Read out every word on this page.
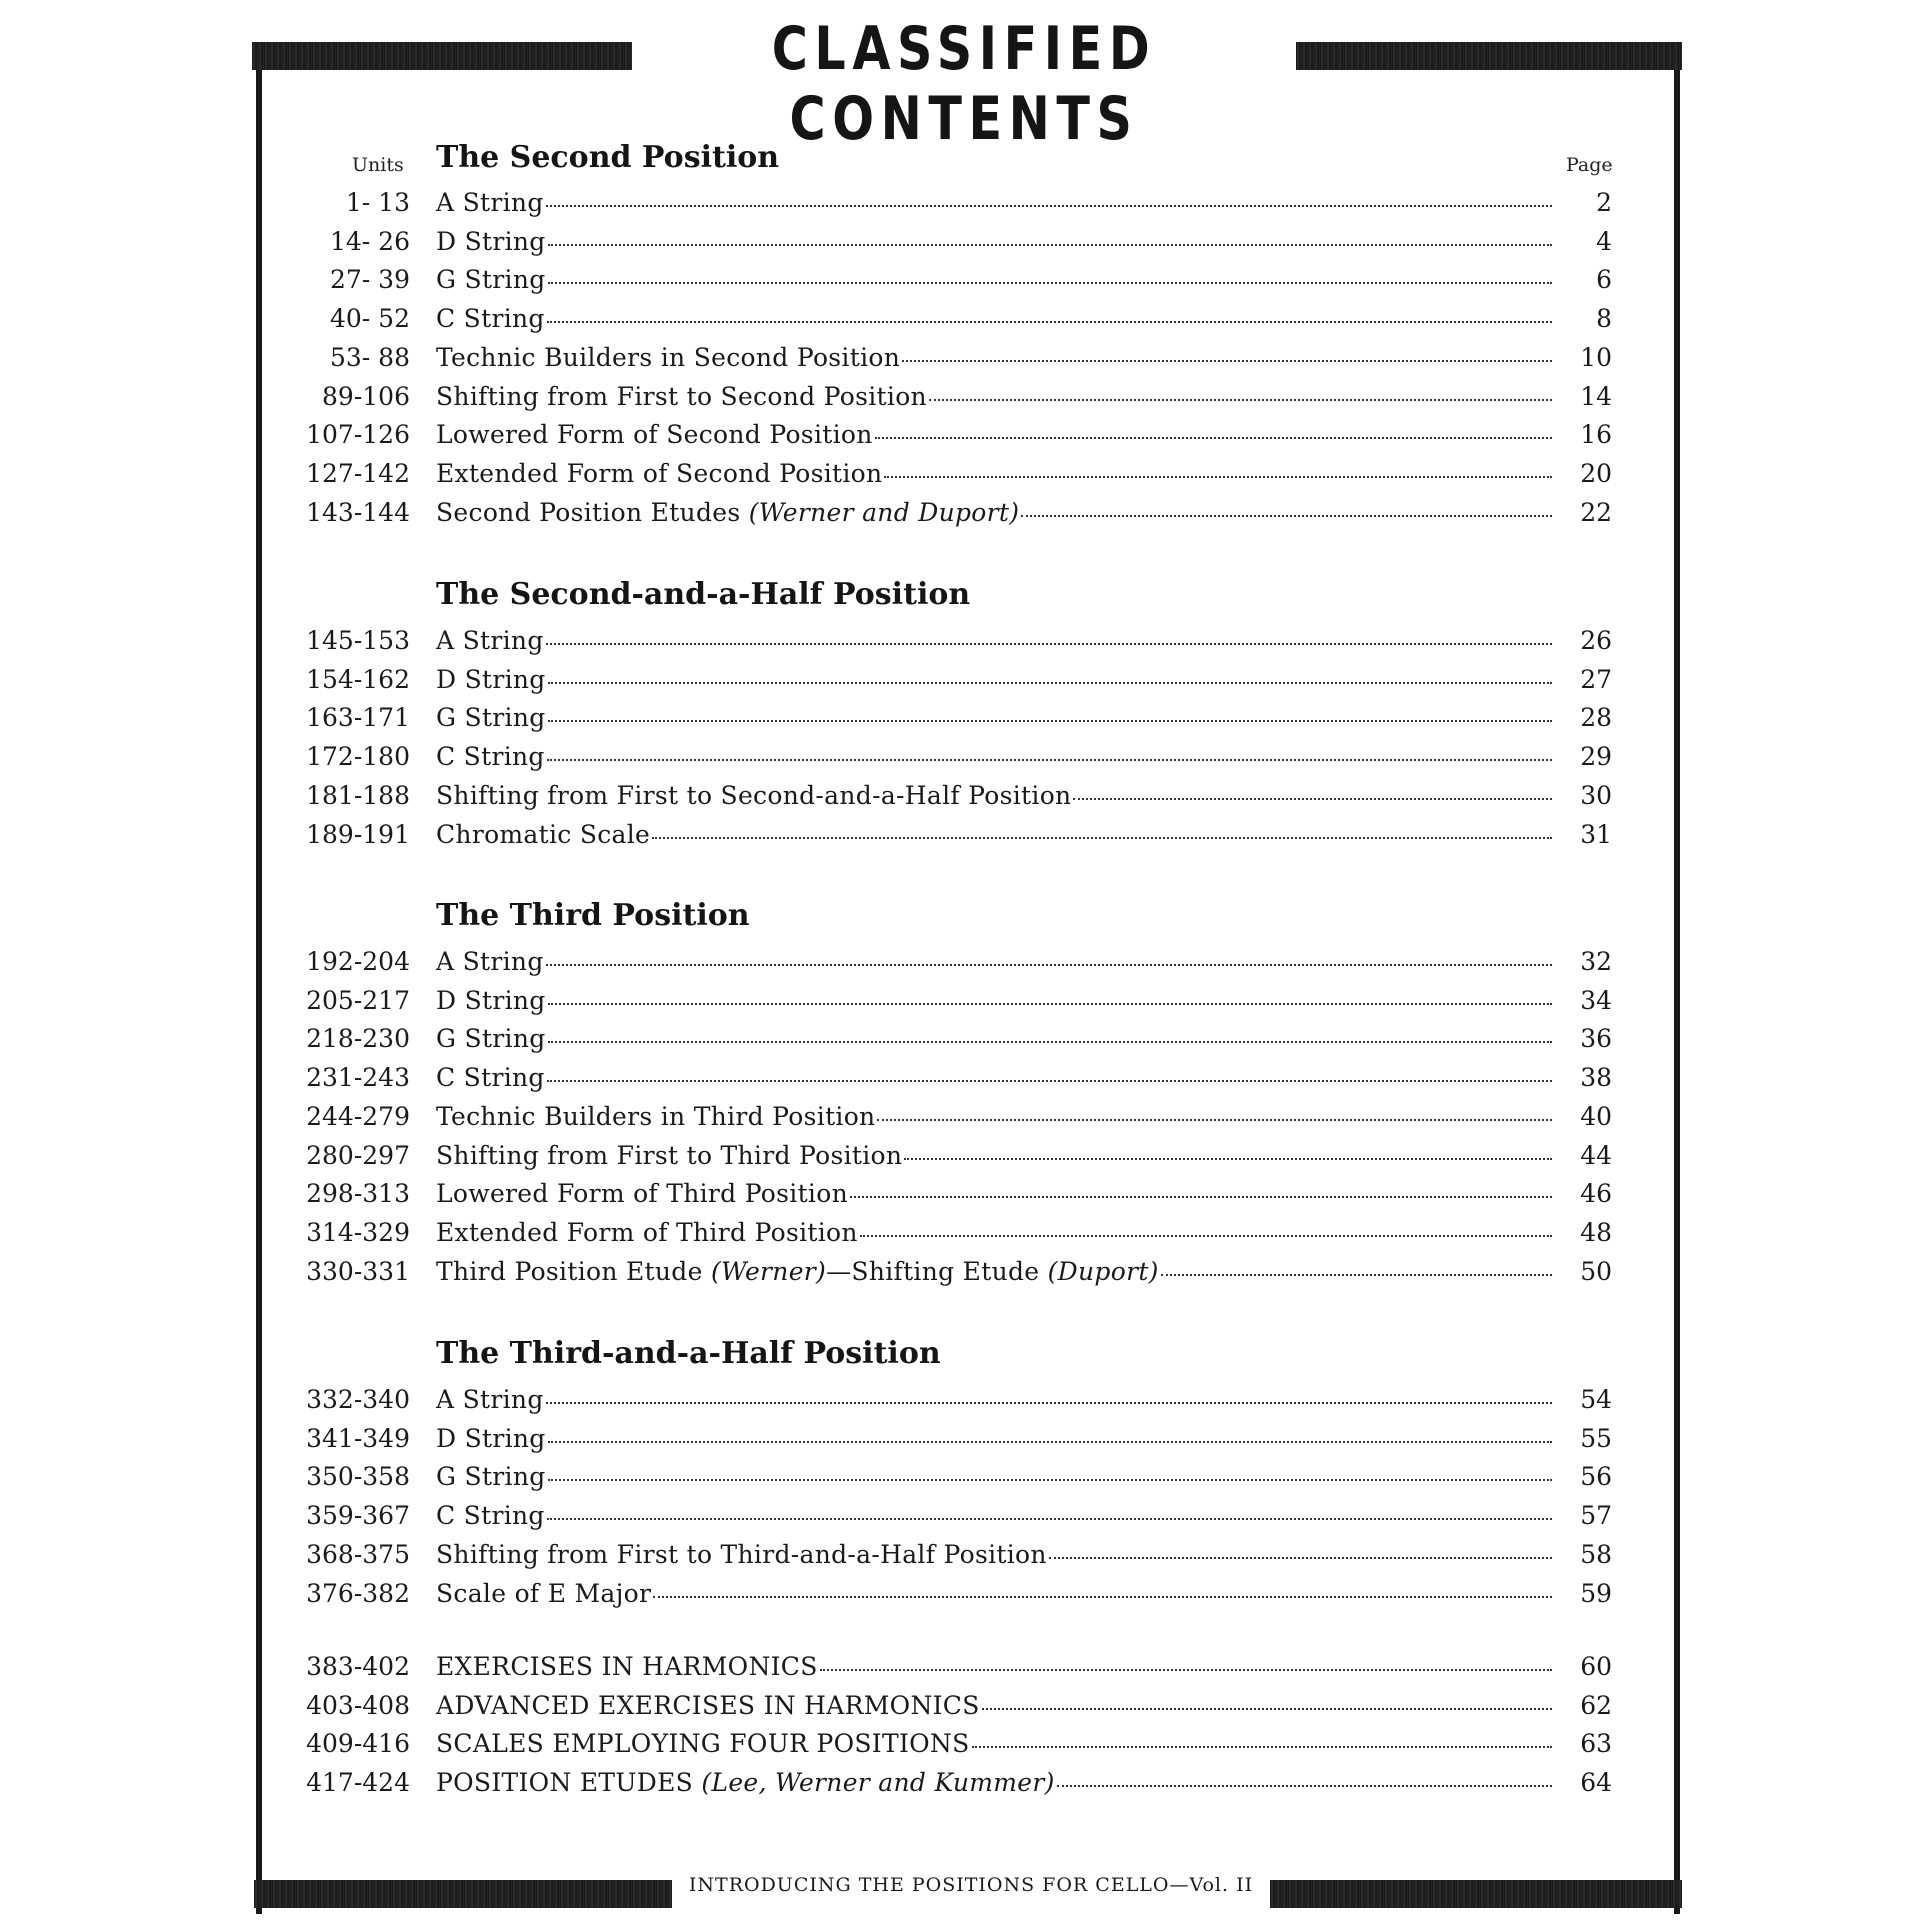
CLASSIFIED CONTENTS
Units	Page
The Second Position
1- 13 A String	2
14- 26 D String	4
27- 39 G String	6
40- 52 C String	8
53- 88 Technic Builders in Second Position	10
89-106 Shifting from First to Second Position	14
107-126 Lowered Form of Second Position	16
127-142 Extended Form of Second Position	20
143-144 Second Position Etudes (Werner and Duport)	22
The Second-and-a-Half Position
145-153 A String	26
154-162 D String	27
163-171 G String	28
172-180 C String	29
181-188 Shifting from First to Second-and-a-Half Position	30
189-191 Chromatic Scale	31
The Third Position
192-204 A String	32
205-217 D String	34
218-230 G String	36
231-243 C String	38
244-279 Technic Builders in Third Position	40
280-297 Shifting from First to Third Position	44
298-313 Lowered Form of Third Position	46
314-329 Extended Form of Third Position	48
330-331 Third Position Etude (Werner)—Shifting Etude (Duport)	50
The Third-and-a-Half Position
332-340 A String	54
341-349 D String	55
350-358 G String	56
359-367 C String	57
368-375 Shifting from First to Third-and-a-Half Position	58
376-382 Scale of E Major	59
383-402 EXERCISES IN HARMONICS	60
403-408 ADVANCED EXERCISES IN HARMONICS	62
409-416 SCALES EMPLOYING FOUR POSITIONS	63
417-424 POSITION ETUDES (Lee, Werner and Kummer)	64
INTRODUCING THE POSITIONS FOR CELLO—Vol. II
